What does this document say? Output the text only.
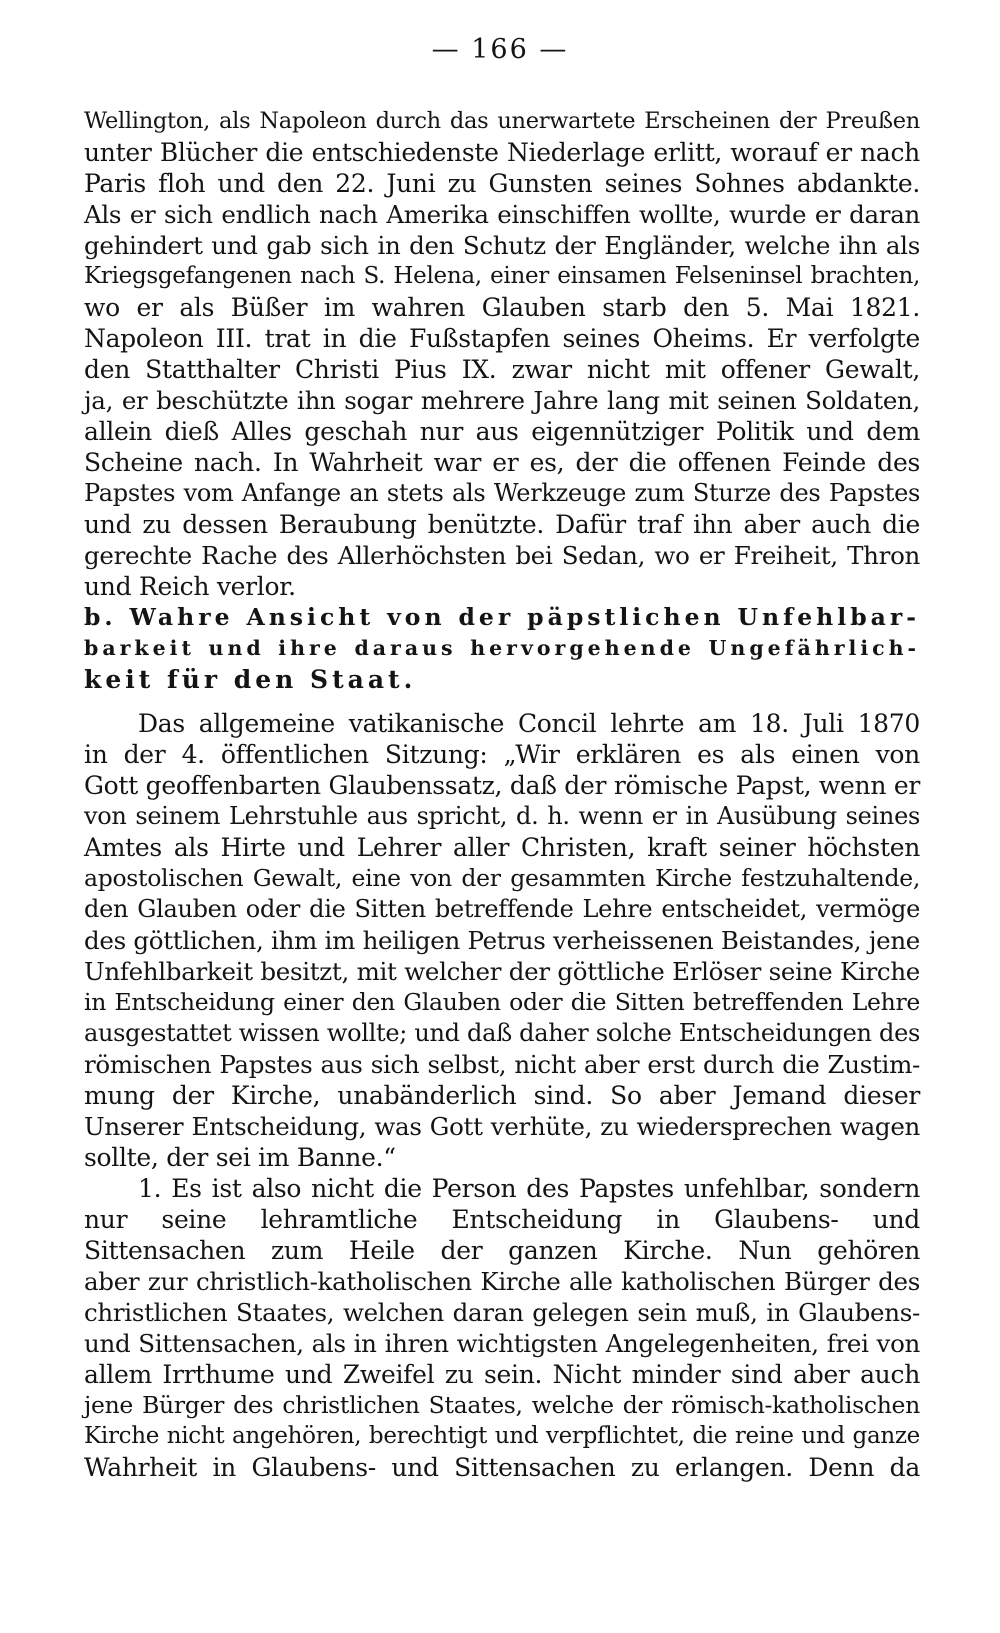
— 166 —
Wellington, als Napoleon durch das unerwartete Erscheinen der Preußen
unter Blücher die entschiedenste Niederlage erlitt, worauf er nach
Paris floh und den 22. Juni zu Gunsten seines Sohnes abdankte.
Als er sich endlich nach Amerika einschiffen wollte, wurde er daran
gehindert und gab sich in den Schutz der Engländer, welche ihn als
Kriegsgefangenen nach S. Helena, einer einsamen Felseninsel brachten,
wo er als Büßer im wahren Glauben starb den 5. Mai 1821.
Napoleon III. trat in die Fußstapfen seines Oheims. Er verfolgte
den Statthalter Christi Pius IX. zwar nicht mit offener Gewalt,
ja, er beschützte ihn sogar mehrere Jahre lang mit seinen Soldaten,
allein dieß Alles geschah nur aus eigennütziger Politik und dem
Scheine nach. In Wahrheit war er es, der die offenen Feinde des
Papstes vom Anfange an stets als Werkzeuge zum Sturze des Papstes
und zu dessen Beraubung benützte. Dafür traf ihn aber auch die
gerechte Rache des Allerhöchsten bei Sedan, wo er Freiheit, Thron
und Reich verlor.
b. Wahre Ansicht von der päpstlichen Unfehlbar-
barkeit und ihre daraus hervorgehende Ungefährlich-
keit für den Staat.
Das allgemeine vatikanische Concil lehrte am 18. Juli 1870
in der 4. öffentlichen Sitzung: „Wir erklären es als einen von
Gott geoffenbarten Glaubenssatz, daß der römische Papst, wenn er
von seinem Lehrstuhle aus spricht, d. h. wenn er in Ausübung seines
Amtes als Hirte und Lehrer aller Christen, kraft seiner höchsten
apostolischen Gewalt, eine von der gesammten Kirche festzuhaltende,
den Glauben oder die Sitten betreffende Lehre entscheidet, vermöge
des göttlichen, ihm im heiligen Petrus verheissenen Beistandes, jene
Unfehlbarkeit besitzt, mit welcher der göttliche Erlöser seine Kirche
in Entscheidung einer den Glauben oder die Sitten betreffenden Lehre
ausgestattet wissen wollte; und daß daher solche Entscheidungen des
römischen Papstes aus sich selbst, nicht aber erst durch die Zustim-
mung der Kirche, unabänderlich sind. So aber Jemand dieser
Unserer Entscheidung, was Gott verhüte, zu wiedersprechen wagen
sollte, der sei im Banne.“
1. Es ist also nicht die Person des Papstes unfehlbar, sondern
nur seine lehramtliche Entscheidung in Glaubens- und
Sittensachen zum Heile der ganzen Kirche. Nun gehören
aber zur christlich-katholischen Kirche alle katholischen Bürger des
christlichen Staates, welchen daran gelegen sein muß, in Glaubens-
und Sittensachen, als in ihren wichtigsten Angelegenheiten, frei von
allem Irrthume und Zweifel zu sein. Nicht minder sind aber auch
jene Bürger des christlichen Staates, welche der römisch-katholischen
Kirche nicht angehören, berechtigt und verpflichtet, die reine und ganze
Wahrheit in Glaubens- und Sittensachen zu erlangen. Denn da
